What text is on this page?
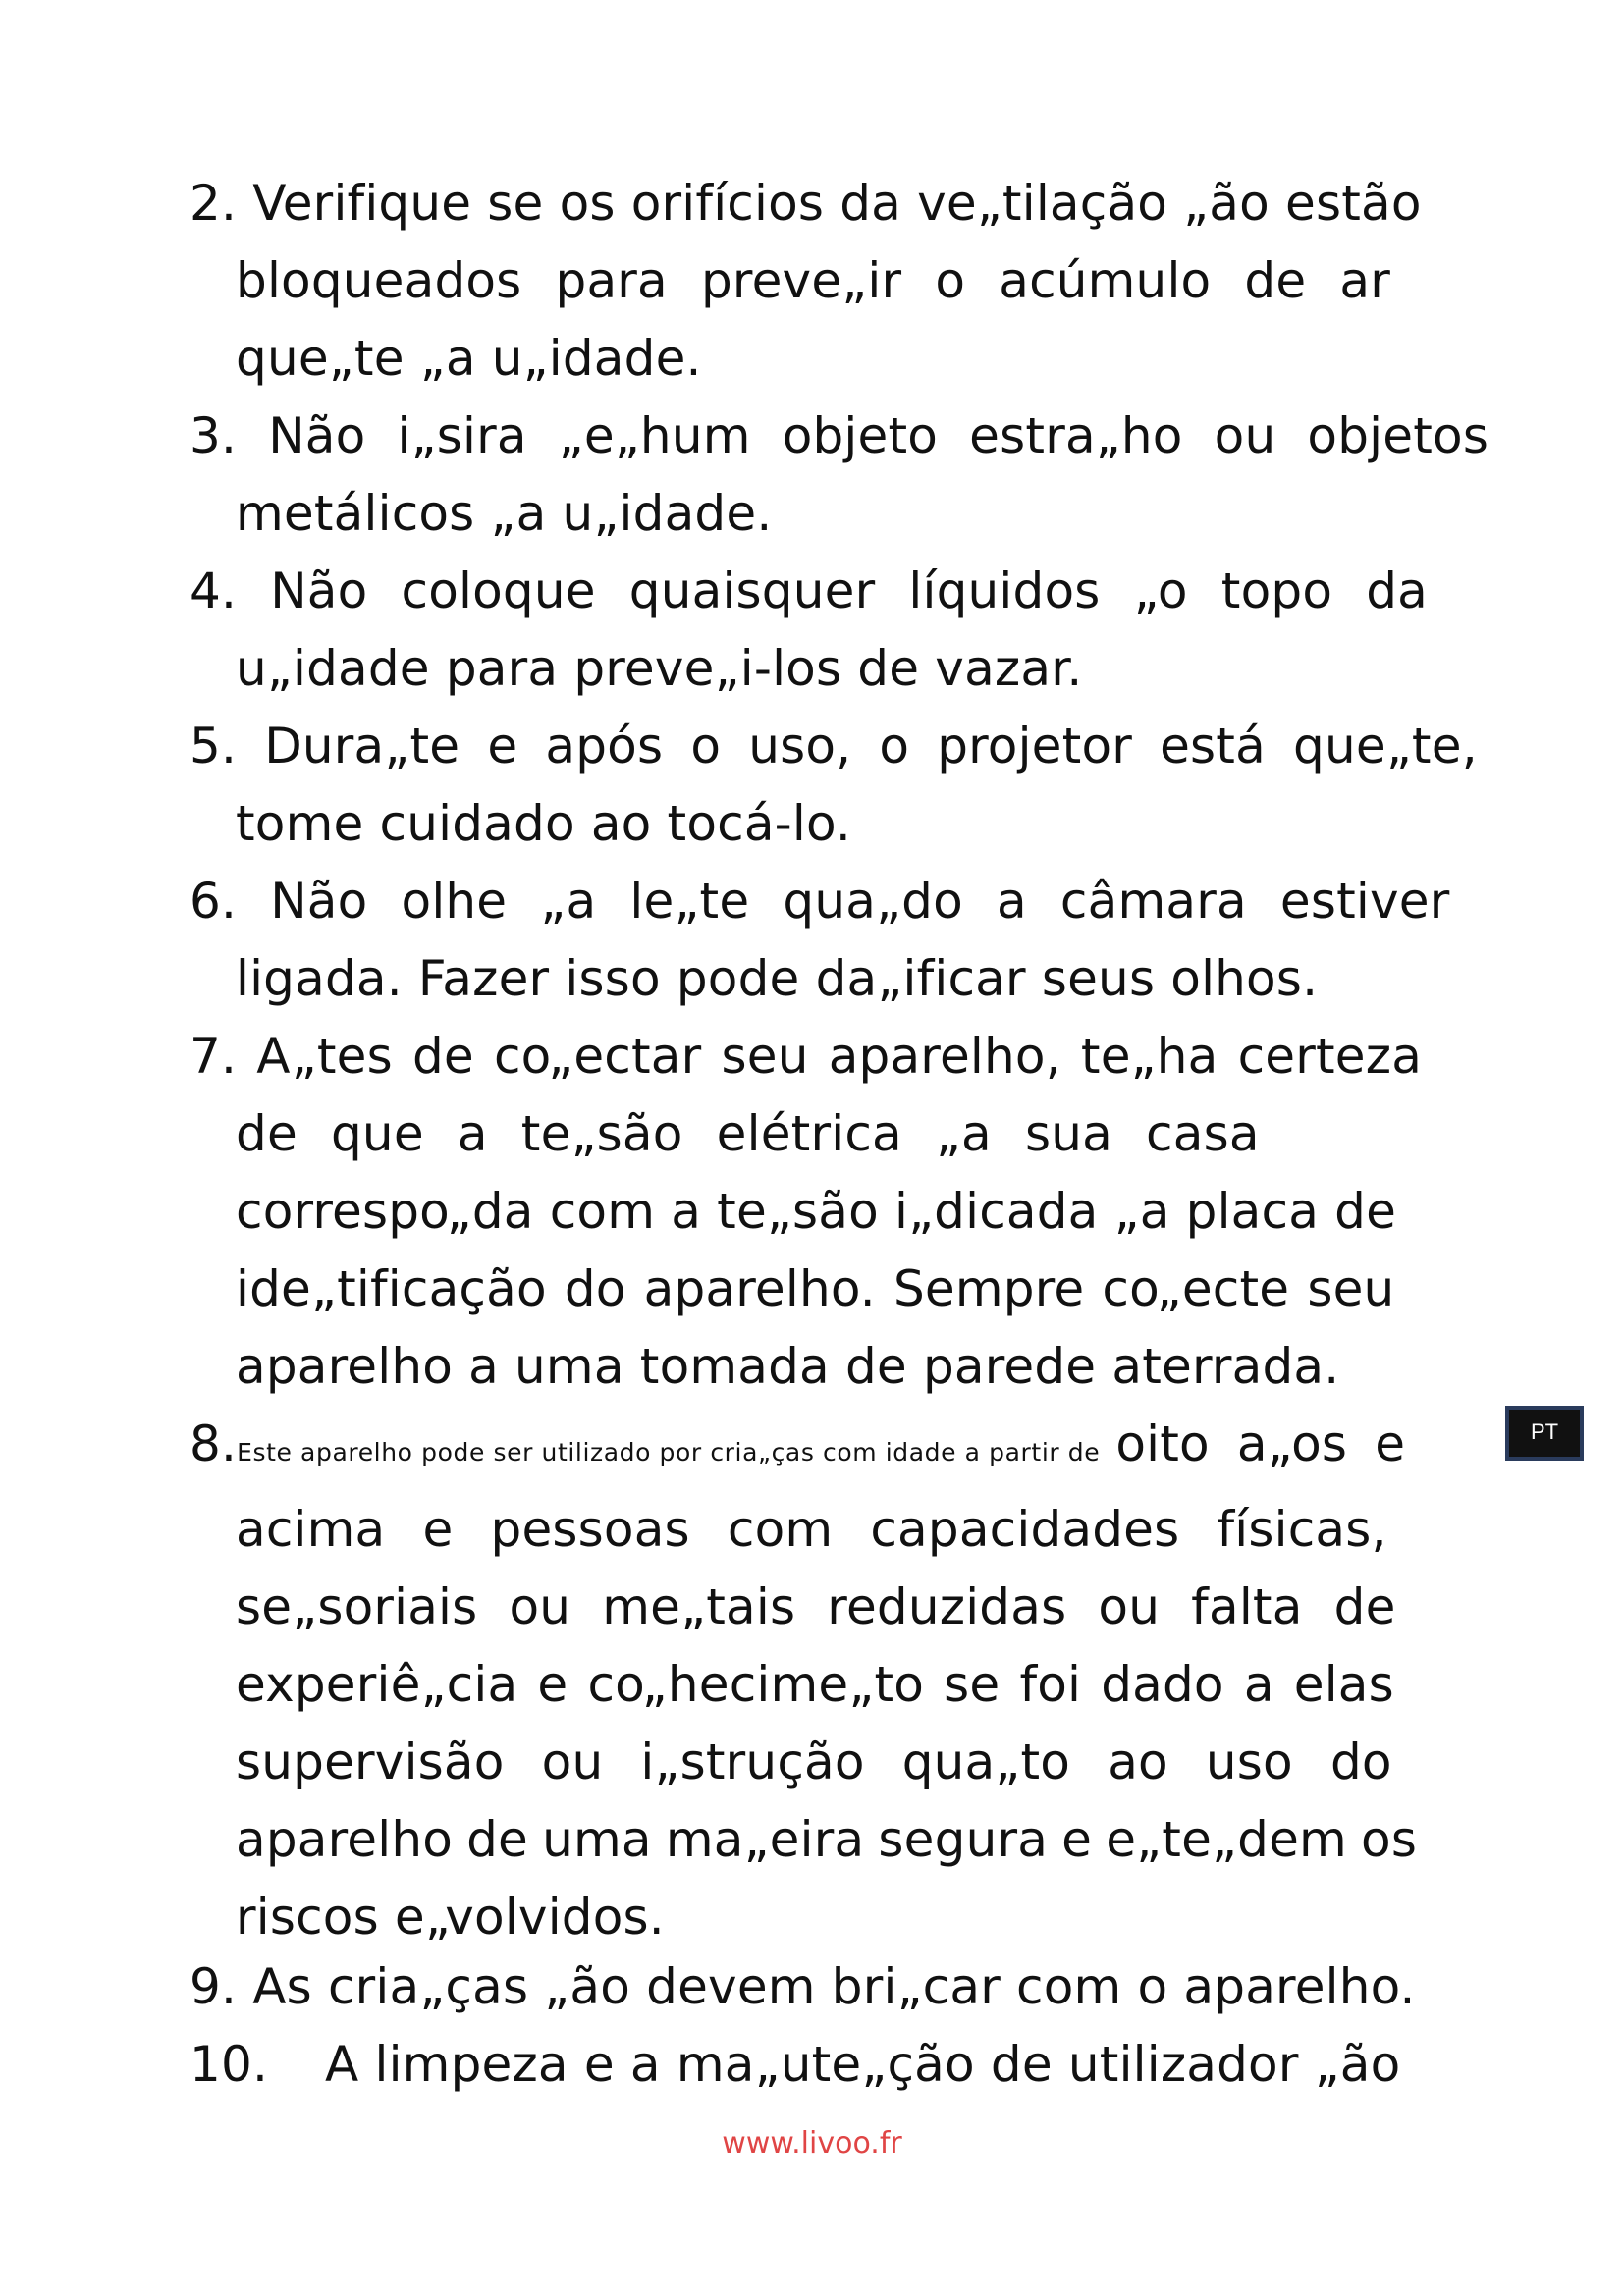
2. Verifique se os orifícios da ve„tilação „ão estão
bloqueados para preve„ir o acúmulo de ar
que„te „a u„idade.
3. Não i„sira „e„hum objeto estra„ho ou objetos
metálicos „a u„idade.
4. Não coloque quaisquer líquidos „o topo da
u„idade para preve„i-los de vazar.
5. Dura„te e após o uso, o projetor está que„te,
tome cuidado ao tocá-lo.
6. Não olhe „a le„te qua„do a câmara estiver
ligada. Fazer isso pode da„ificar seus olhos.
7. A„tes de co„ectar seu aparelho, te„ha certeza
de que a te„são elétrica „a sua casa
correspo„da com a te„são i„dicada „a placa de
ide„tificação do aparelho. Sempre co„ecte seu
aparelho a uma tomada de parede aterrada.
8.Este aparelho pode ser utilizado por cria„ças com idade a partir de oito a„os e
acima e pessoas com capacidades físicas,
se„soriais ou me„tais reduzidas ou falta de
experiê„cia e co„hecime„to se foi dado a elas
supervisão ou i„strução qua„to ao uso do
aparelho de uma ma„eira segura e e„te„dem os
riscos e„volvidos.
9. As cria„ças „ão devem bri„car com o aparelho.
10. A limpeza e a ma„ute„ção de utilizador „ão
PT
www.livoo.fr
